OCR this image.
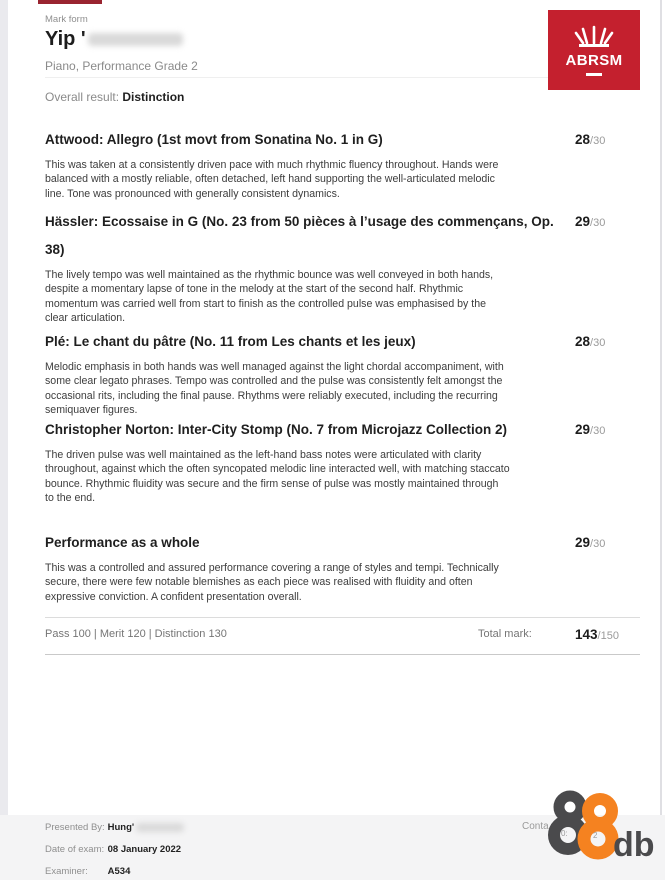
Mark form
Yip '
Piano, Performance Grade 2
Overall result: Distinction
ABRSM
Attwood: Allegro (1st movt from Sonatina No. 1 in G)	28/30
This was taken at a consistently driven pace with much rhythmic fluency throughout. Hands were balanced with a mostly reliable, often detached, left hand supporting the well-articulated melodic line. Tone was pronounced with generally consistent dynamics.
Hässler: Ecossaise in G (No. 23 from 50 pièces à l’usage des commençans, Op. 38)
29/30
The lively tempo was well maintained as the rhythmic bounce was well conveyed in both hands, despite a momentary lapse of tone in the melody at the start of the second half. Rhythmic momentum was carried well from start to finish as the controlled pulse was emphasised by the clear articulation.
Plé: Le chant du pâtre (No. 11 from Les chants et les jeux)	28/30
Melodic emphasis in both hands was well managed against the light chordal accompaniment, with some clear legato phrases. Tempo was controlled and the pulse was consistently felt amongst the occasional rits, including the final pause. Rhythms were reliably executed, including the recurring semiquaver figures.
Christopher Norton: Inter-City Stomp (No. 7 from Microjazz Collection 2)	29/30
The driven pulse was well maintained as the left-hand bass notes were articulated with clarity throughout, against which the often syncopated melodic line interacted well, with matching staccato bounce. Rhythmic fluidity was secure and the firm sense of pulse was mostly maintained through to the end.
Performance as a whole	29/30
This was a controlled and assured performance covering a range of styles and tempi. Technically secure, there were few notable blemishes as each piece was realised with fluidity and often expressive conviction. A confident presentation overall.
Pass 100 | Merit 120 | Distinction 130	Total mark:	143/150
Presented By: Hung'
Date of exam: 08 January 2022
Examiner: A534
Conta
0:	2 db
